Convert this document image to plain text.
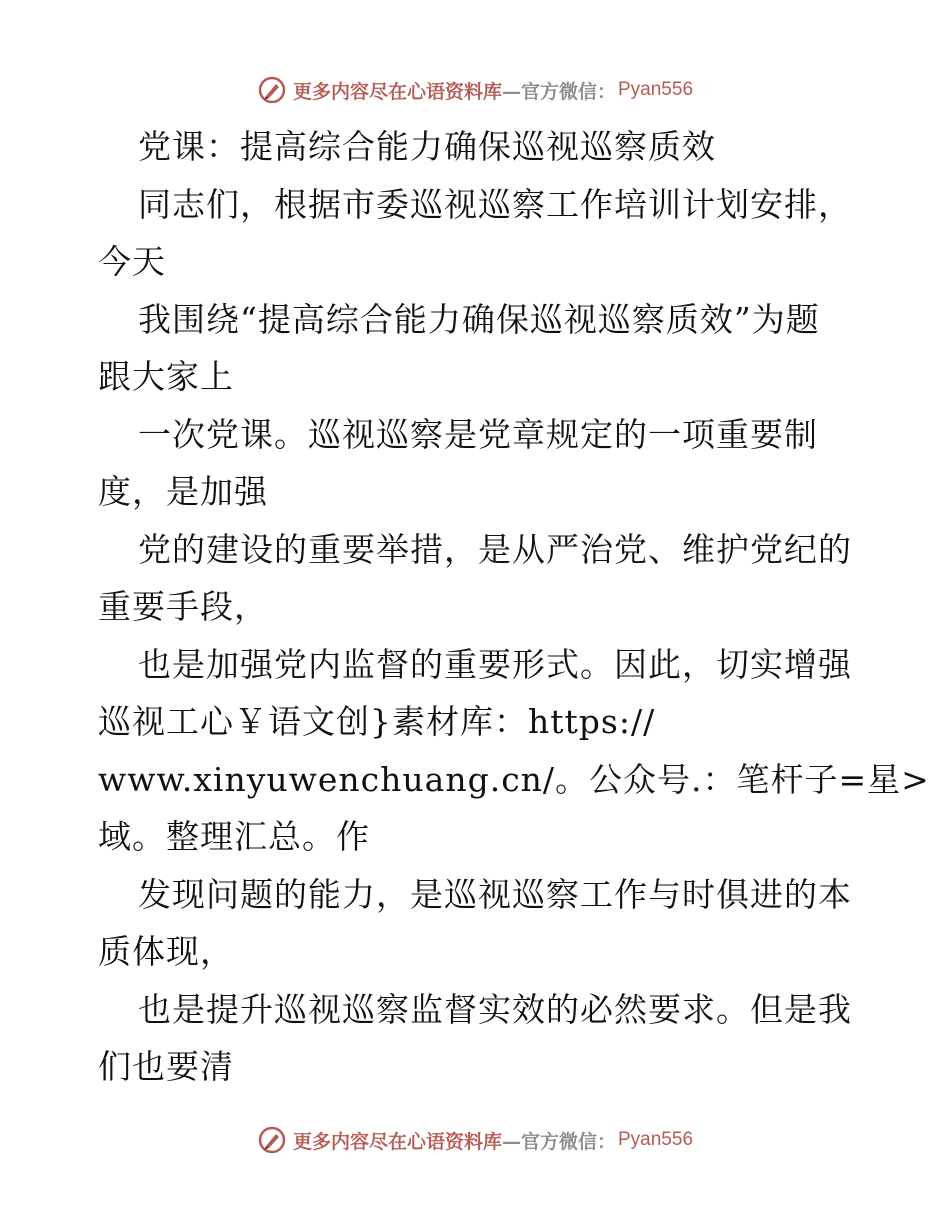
更多内容尽在心语资料库 —官方微信： Pyan556
党课：提高综合能力确保巡视巡察质效
同志们，根据市委巡视巡察工作培训计划安排，
今天
我围绕“提高综合能力确保巡视巡察质效”为题
跟大家上
一次党课。巡视巡察是党章规定的一项重要制
度，是加强
党的建设的重要举措，是从严治党、维护党纪的
重要手段，
也是加强党内监督的重要形式。因此，切实增强
巡视工心￥语文创}素材库：https://
www.xinyuwenchuang.cn/。公众号.：笔杆子=星>
域。整理汇总。作
发现问题的能力，是巡视巡察工作与时俱进的本
质体现，
也是提升巡视巡察监督实效的必然要求。但是我
们也要清
更多内容尽在心语资料库 —官方微信： Pyan556
